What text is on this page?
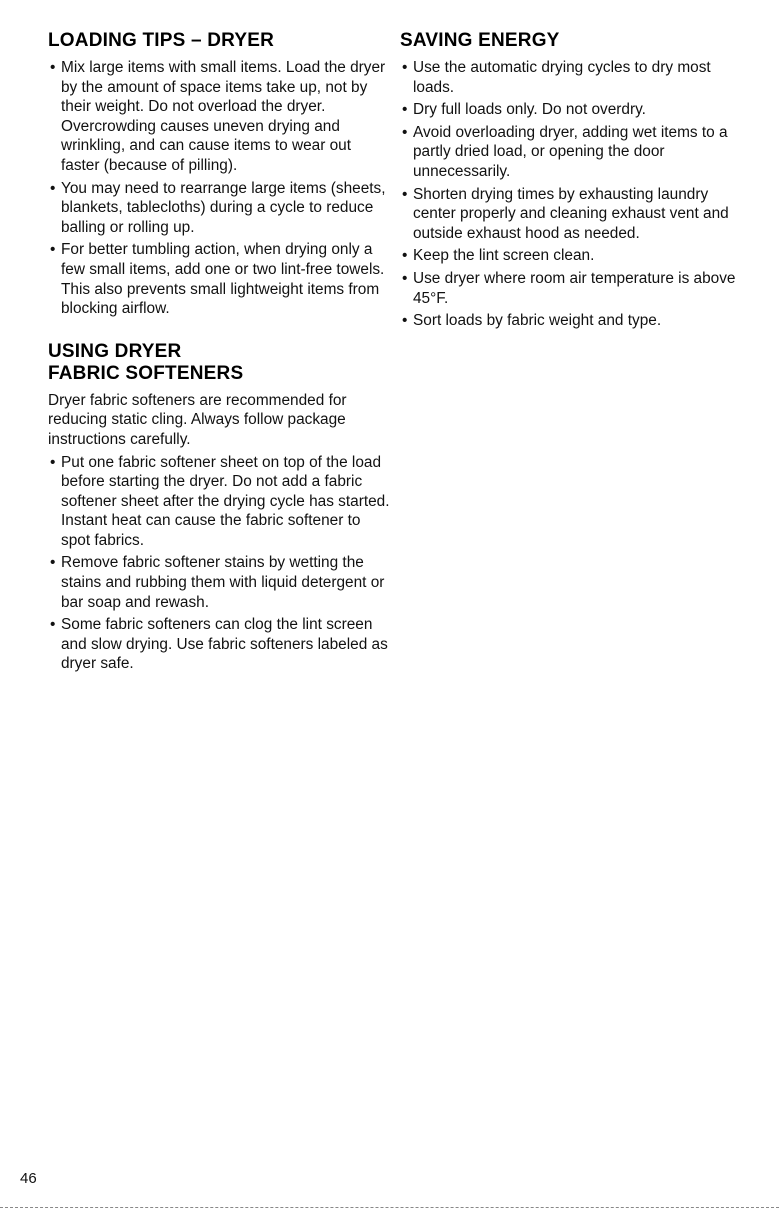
LOADING TIPS – DRYER
• Mix large items with small items. Load the dryer by the amount of space items take up, not by their weight. Do not overload the dryer. Overcrowding causes uneven drying and wrinkling, and can cause items to wear out faster (because of pilling).
• You may need to rearrange large items (sheets, blankets, tablecloths) during a cycle to reduce balling or rolling up.
• For better tumbling action, when drying only a few small items, add one or two lint-free towels. This also prevents small lightweight items from blocking airflow.
USING DRYER
FABRIC SOFTENERS

Dryer fabric softeners are recommended for reducing static cling. Always follow package instructions carefully.

• Put one fabric softener sheet on top of the load before starting the dryer. Do not add a fabric softener sheet after the drying cycle has started. Instant heat can cause the fabric softener to spot fabrics.
• Remove fabric softener stains by wetting the stains and rubbing them with liquid detergent or bar soap and rewash.
• Some fabric softeners can clog the lint screen and slow drying. Use fabric softeners labeled as dryer safe.
SAVING ENERGY
• Use the automatic drying cycles to dry most loads.
• Dry full loads only. Do not overdry.
• Avoid overloading dryer, adding wet items to a partly dried load, or opening the door unnecessarily.
• Shorten drying times by exhausting laundry center properly and cleaning exhaust vent and outside exhaust hood as needed.
• Keep the lint screen clean.
• Use dryer where room air temperature is above 45°F.
• Sort loads by fabric weight and type.
46
